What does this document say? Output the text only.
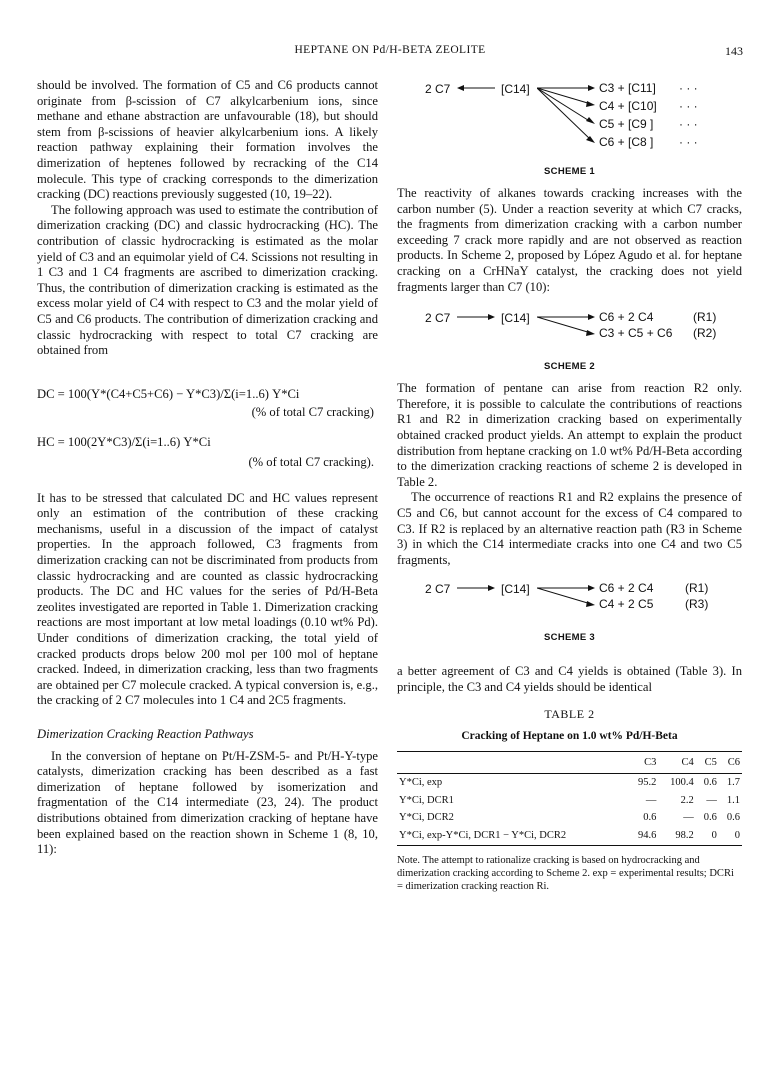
HEPTANE ON Pd/H-BETA ZEOLITE	143

should be involved. The formation of C5 and C6 products cannot originate from β-scission of C7 alkylcarbenium ions, since methane and ethane abstraction are unfavourable (18), but should stem from β-scissions of heavier alkylcarbenium ions. A likely reaction pathway explaining their formation involves the dimerization of heptenes followed by recracking of the C14 molecule. This type of cracking corresponds to the dimerization cracking (DC) reactions previously suggested (10, 19–22).

The following approach was used to estimate the contribution of dimerization cracking (DC) and classic hydrocracking (HC). The contribution of classic hydrocracking is estimated as the molar yield of C3 and an equimolar yield of C4. Scissions not resulting in 1 C3 and 1 C4 fragments are ascribed to dimerization cracking. Thus, the contribution of dimerization cracking is estimated as the excess molar yield of C4 with respect to C3 and the molar yield of C5 and C6 products. The contribution of dimerization cracking and classic hydrocracking with respect to total C7 cracking are obtained from

DC = 100(Y*(C4+C5+C6) − Y*C3)/Σ(i=1..6) Y*Ci
(% of total C7 cracking)
HC = 100(2Y*C3)/Σ(i=1..6) Y*Ci
(% of total C7 cracking).

It has to be stressed that calculated DC and HC values represent only an estimation of the contribution of these cracking mechanisms, useful in a discussion of the impact of catalyst properties. In the approach followed, C3 fragments from dimerization cracking can not be discriminated from products from classic hydrocracking and are counted as classic hydrocracking products. The DC and HC values for the series of Pd/H-Beta zeolites investigated are reported in Table 1. Dimerization cracking reactions are most important at low metal loadings (0.10 wt% Pd). Under conditions of dimerization cracking, the total yield of cracked products drops below 200 mol per 100 mol of heptane cracked. Indeed, in dimerization cracking, less than two fragments are obtained per C7 molecule cracked. A typical conversion is, e.g., the cracking of 2 C7 molecules into 1 C4 and 2C5 fragments.

Dimerization Cracking Reaction Pathways

In the conversion of heptane on Pt/H-ZSM-5- and Pt/H-Y-type catalysts, dimerization cracking has been described as a fast dimerization of heptane followed by isomerization and fragmentation of the C14 intermediate (23, 24). The product distributions obtained from dimerization cracking of heptane have been explained based on the reaction shown in Scheme 1 (8, 10, 11):

2 C7	[C14]	C3 + [C11]
C4 + [C10]
C5 + [C9 ]
C6 + [C8 ]
· · ·
· · ·
· · ·
· · ·
SCHEME 1

The reactivity of alkanes towards cracking increases with the carbon number (5). Under a reaction severity at which C7 cracks, the fragments from dimerization cracking with a carbon number exceeding 7 crack more rapidly and are not observed as reaction products. In Scheme 2, proposed by López Agudo et al. for heptane cracking on a CrHNaY catalyst, the cracking does not yield fragments larger than C7 (10):

2 C7	[C14]	C6 + 2 C4
C3 + C5 + C6
(R1)
(R2)
SCHEME 2

The formation of pentane can arise from reaction R2 only. Therefore, it is possible to calculate the contributions of reactions R1 and R2 in dimerization cracking based on experimentally obtained cracked product yields. An attempt to explain the product distribution from heptane cracking on 1.0 wt% Pd/H-Beta according to the dimerization cracking reactions of scheme 2 is developed in Table 2.

The occurrence of reactions R1 and R2 explains the presence of C5 and C6, but cannot account for the excess of C4 compared to C3. If R2 is replaced by an alternative reaction path (R3 in Scheme 3) in which the C14 intermediate cracks into one C4 and two C5 fragments,

2 C7	[C14]	C6 + 2 C4
C4 + 2 C5
(R1)
(R3)
SCHEME 3

a better agreement of C3 and C4 yields is obtained (Table 3). In principle, the C3 and C4 yields should be identical

TABLE 2
Cracking of Heptane on 1.0 wt% Pd/H-Beta
	C3	C4	C5	C6
Y*Ci, exp	95.2	100.4	0.6	1.7
Y*Ci, DCR1	—	2.2	—	1.1
Y*Ci, DCR2	0.6	—	0.6	0.6
Y*Ci, exp-Y*Ci, DCR1 − Y*Ci, DCR2	94.6	98.2	0	0
Note. The attempt to rationalize cracking is based on hydrocracking and dimerization cracking according to Scheme 2. exp = experimental results; DCRi = dimerization cracking reaction Ri.
